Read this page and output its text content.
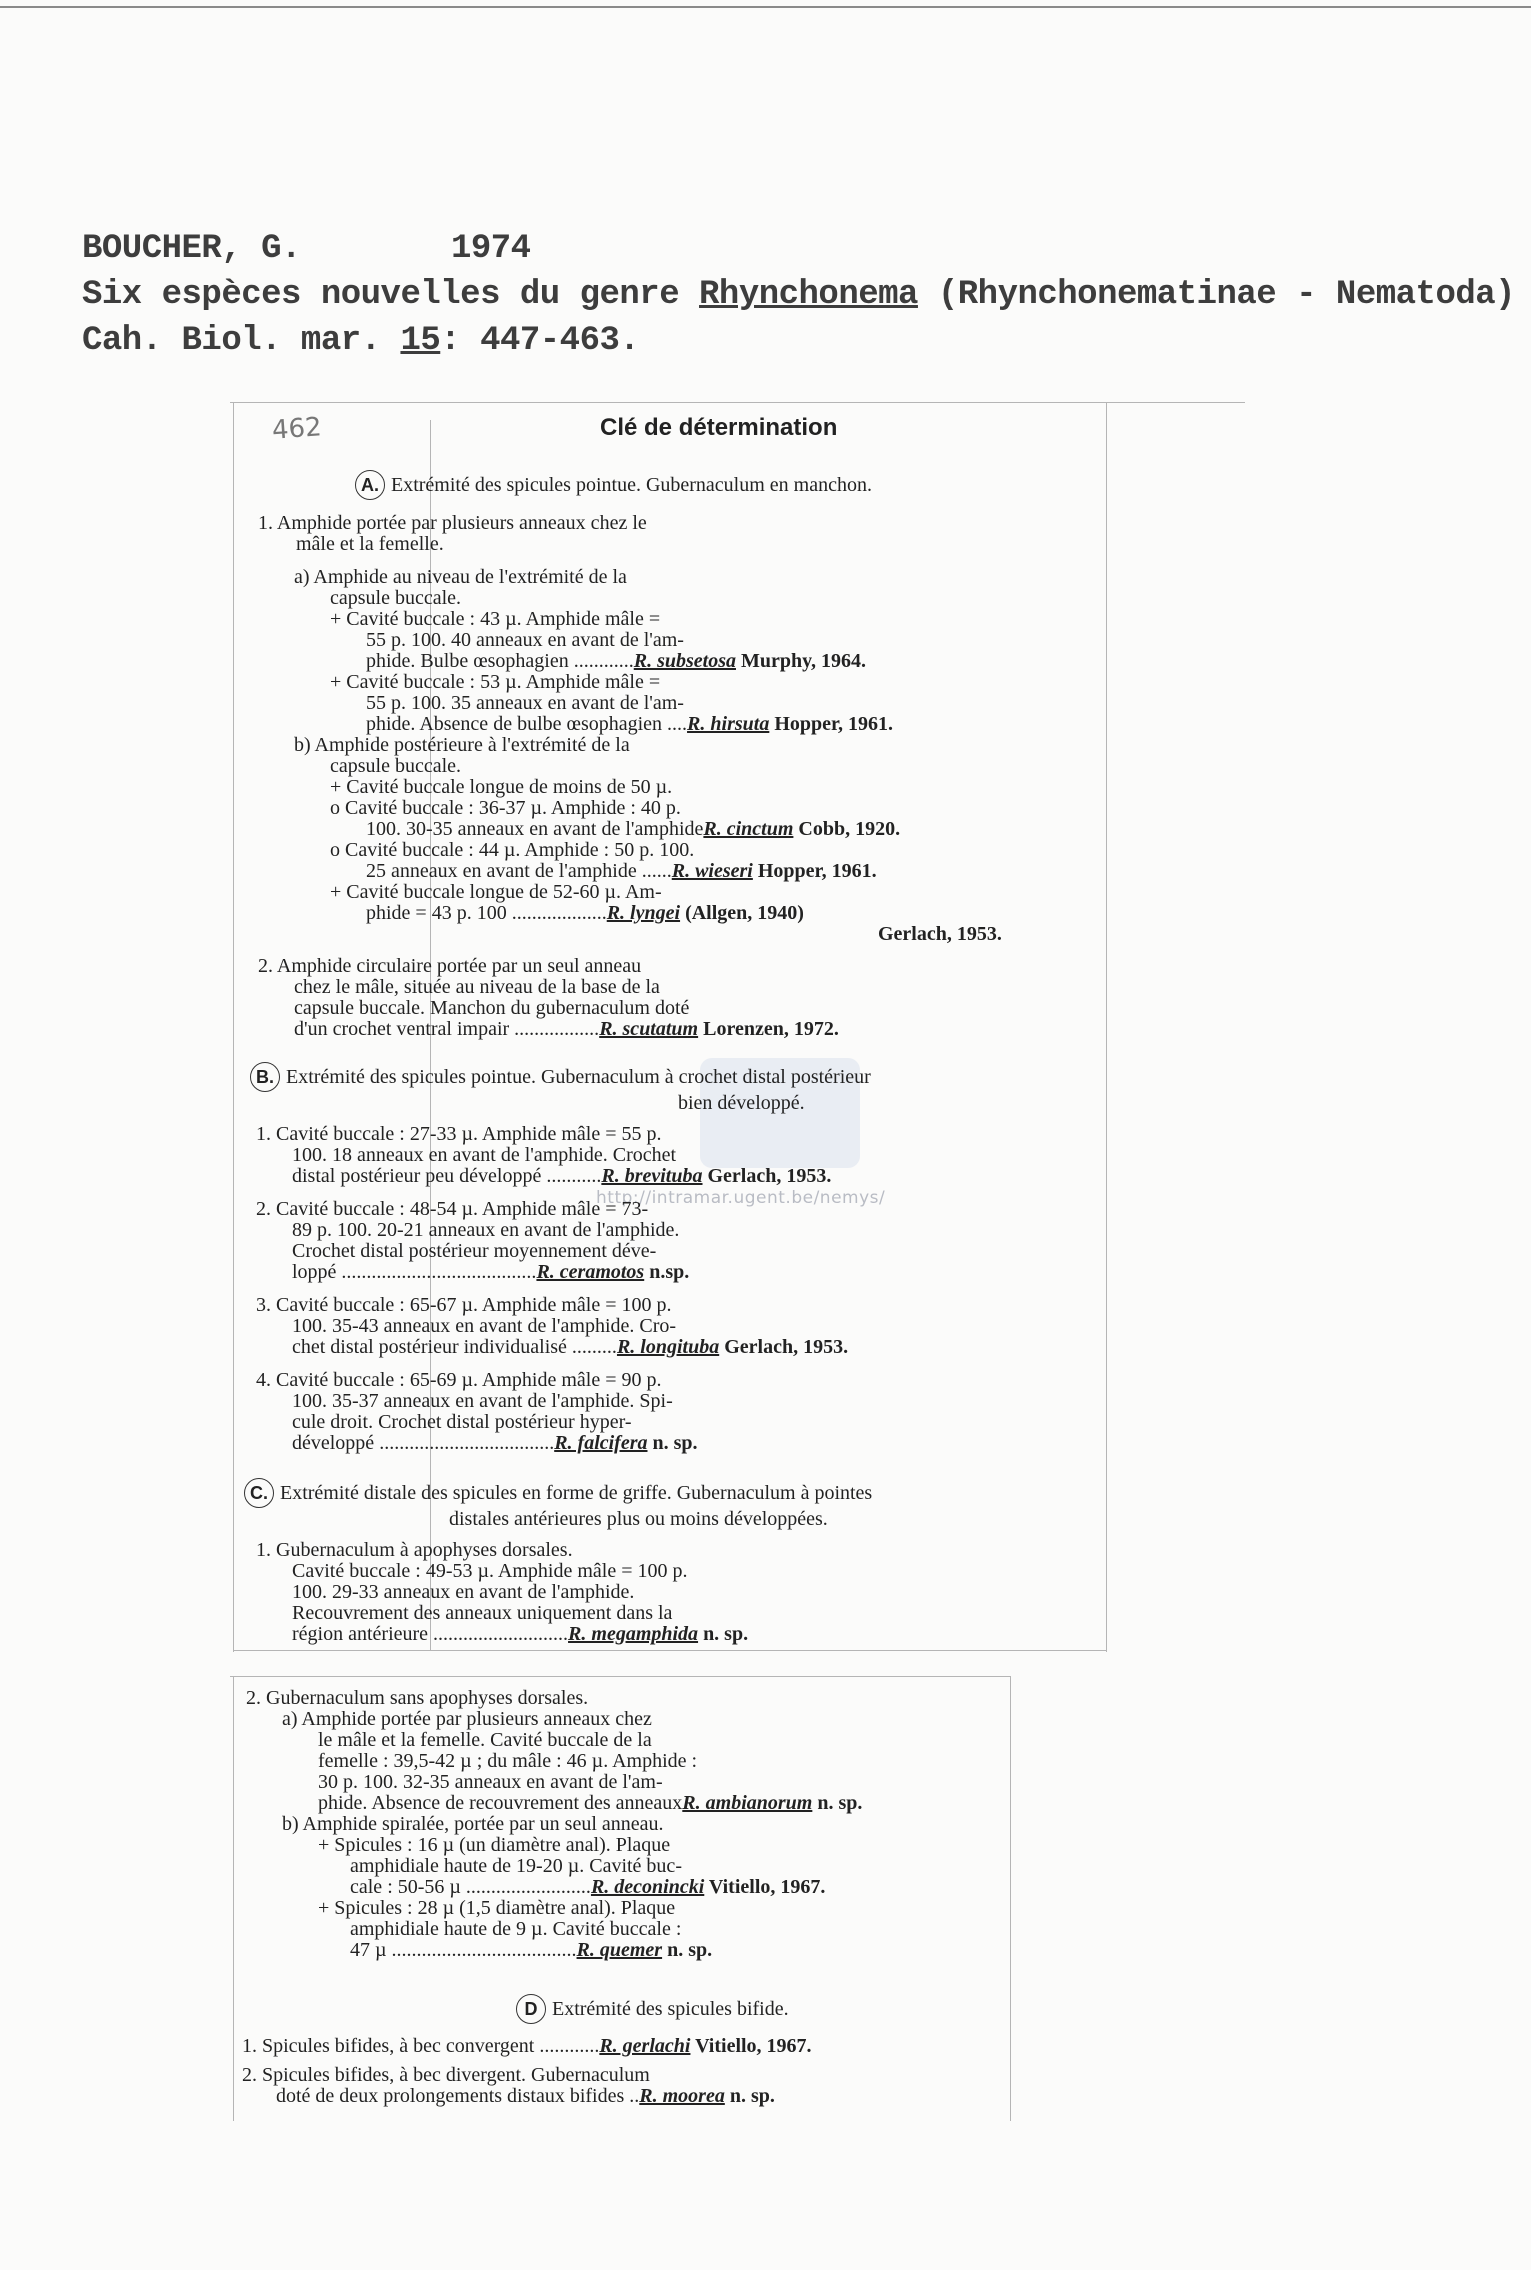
BOUCHER, G.	1974
Six espèces nouvelles du genre Rhynchonema (Rhynchonematinae - Nematoda)
Cah. Biol. mar. 15: 447-463.
462	Clé de détermination
http://intramar.ugent.be/nemys/
A. Extrémité des spicules pointue. Gubernaculum en manchon.
1. Amphide portée par plusieurs anneaux chez le
mâle et la femelle.
a) Amphide au niveau de l'extrémité de la
capsule buccale.
+ Cavité buccale : 43 µ. Amphide mâle =
55 p. 100. 40 anneaux en avant de l'am-
phide. Bulbe œsophagien ............R. subsetosa Murphy, 1964.
+ Cavité buccale : 53 µ. Amphide mâle =
55 p. 100. 35 anneaux en avant de l'am-
phide. Absence de bulbe œsophagien ....R. hirsuta Hopper, 1961.
b) Amphide postérieure à l'extrémité de la
capsule buccale.
+ Cavité buccale longue de moins de 50 µ.
o Cavité buccale : 36-37 µ. Amphide : 40 p.
100. 30-35 anneaux en avant de l'amphideR. cinctum Cobb, 1920.
o Cavité buccale : 44 µ. Amphide : 50 p. 100.
25 anneaux en avant de l'amphide ......R. wieseri Hopper, 1961.
+ Cavité buccale longue de 52-60 µ. Am-
phide = 43 p. 100 ...................R. lyngei (Allgen, 1940)
Gerlach, 1953.
2. Amphide circulaire portée par un seul anneau
chez le mâle, située au niveau de la base de la
capsule buccale. Manchon du gubernaculum doté
d'un crochet ventral impair .................R. scutatum Lorenzen, 1972.
B. Extrémité des spicules pointue. Gubernaculum à crochet distal postérieur
bien développé.
1. Cavité buccale : 27-33 µ. Amphide mâle = 55 p.
100. 18 anneaux en avant de l'amphide. Crochet
distal postérieur peu développé ...........R. brevituba Gerlach, 1953.
2. Cavité buccale : 48-54 µ. Amphide mâle = 73-
89 p. 100. 20-21 anneaux en avant de l'amphide.
Crochet distal postérieur moyennement déve-
loppé .......................................R. ceramotos n.sp.
3. Cavité buccale : 65-67 µ. Amphide mâle = 100 p.
100. 35-43 anneaux en avant de l'amphide. Cro-
chet distal postérieur individualisé .........R. longituba Gerlach, 1953.
4. Cavité buccale : 65-69 µ. Amphide mâle = 90 p.
100. 35-37 anneaux en avant de l'amphide. Spi-
cule droit. Crochet distal postérieur hyper-
développé ...................................R. falcifera n. sp.
C. Extrémité distale des spicules en forme de griffe. Gubernaculum à pointes
distales antérieures plus ou moins développées.
1. Gubernaculum à apophyses dorsales.
Cavité buccale : 49-53 µ. Amphide mâle = 100 p.
100. 29-33 anneaux en avant de l'amphide.
Recouvrement des anneaux uniquement dans la
région antérieure ...........................R. megamphida n. sp.
2. Gubernaculum sans apophyses dorsales.
a) Amphide portée par plusieurs anneaux chez
le mâle et la femelle. Cavité buccale de la
femelle : 39,5-42 µ ; du mâle : 46 µ. Amphide :
30 p. 100. 32-35 anneaux en avant de l'am-
phide. Absence de recouvrement des anneauxR. ambianorum n. sp.
b) Amphide spiralée, portée par un seul anneau.
+ Spicules : 16 µ (un diamètre anal). Plaque
amphidiale haute de 19-20 µ. Cavité buc-
cale : 50-56 µ .........................R. deconincki Vitiello, 1967.
+ Spicules : 28 µ (1,5 diamètre anal). Plaque
amphidiale haute de 9 µ. Cavité buccale :
47 µ .....................................R. quemer n. sp.
D Extrémité des spicules bifide.
1. Spicules bifides, à bec convergent ............R. gerlachi Vitiello, 1967.
2. Spicules bifides, à bec divergent. Gubernaculum
doté de deux prolongements distaux bifides ..R. moorea n. sp.
